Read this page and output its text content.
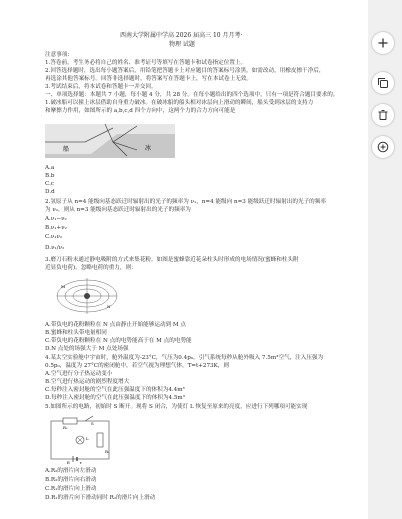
西南大学附属中学高 2026 届高三 10 月月考·
物理 试题
注意事项:
1.答卷前，考生务必将自己的姓名、准考证号等填写在答题卡和试卷指定位置上。
2.回答选择题时，选出每小题答案后，用铅笔把答题卡上对应题目的答案标号涂黑。如需改动，用橡皮擦干净后，
再选涂其他答案标号。回答非选择题时，将答案写在答题卡上，写在本试卷上无效。
3.考试结束后，将本试卷和答题卡一并交回。
一、单项选择题：本题共 7 小题，每小题 4 分，共 28 分。在每小题给出的四个选项中，只有一项是符合题目要求的。
1.破冰船可以撞上冰层借助自身重力破冰。在破冰船的船头相对冰层向上滑动的瞬间，船头受到冰层的支持力
和摩擦力作用，如图所示的 a,b,c,d 四个方向中，这两个力的合力方向可能是
船	冰
A.a
B.b
C.c
D.d
2.氢原子从 n=4 能级向基态跃迁时辐射出的光子的频率为 ν₁，n=4 能级向 n=3 能级跃迁时辐射出的光子的频率
为 ν₂，则从 n=3 能级向基态跃迁时辐射出的光子的频率为
A.ν₁−ν₂
B.ν₁+ν₂
C.ν₁ν₂
D.ν₁/ν₂
3.磨刀石粉末通过静电吸附的方式来集花粉。如图是蜜蜂靠近花朵柱头时形成的电场情况(蜜蜂和柱头附
近显负电荷)。忽略电荷的重力，则：
M
N
A.带负电的花粉颗粒在 N 点由静止开始能够运动到 M 点
B.蜜蜂和柱头带电量相同
C.带负电的花粉颗粒在 N 点的电势能高于在 M 点的电势能
D.N 点处的场强大于 M 点处场强
4.某太空实验舱中宇宙时，舱外温度为-23°C，气压为0.4p₀。引气系统每秒从舱外吸入 7.5m³空气，注入压强为
0.5p₀，温度为 27°C的密闭舱中，若空气视为理想气体，T=t+273K，则
A.空气进行分子热运动变小
B.空气进行热运动的剧烈程度增大
C.每秒注入密封舱的空气在此压强温度下的体积为4.4m³
D.每秒注入密封舱的空气在此压强温度下的体积为4.5m³
5.如图所示的电路，初始时 S 断开。现将 S 闭合，为使灯 L 恢复至原来的亮度，应进行下列哪项可能实现
R₂
S
L
R₁
E	r
A.R₂的滑片向左滑动
B.R₂的滑片向右滑动
C.R₁的滑片向上滑动
D.R₁的滑片向下滑动同时 R₂的滑片向上滑动
